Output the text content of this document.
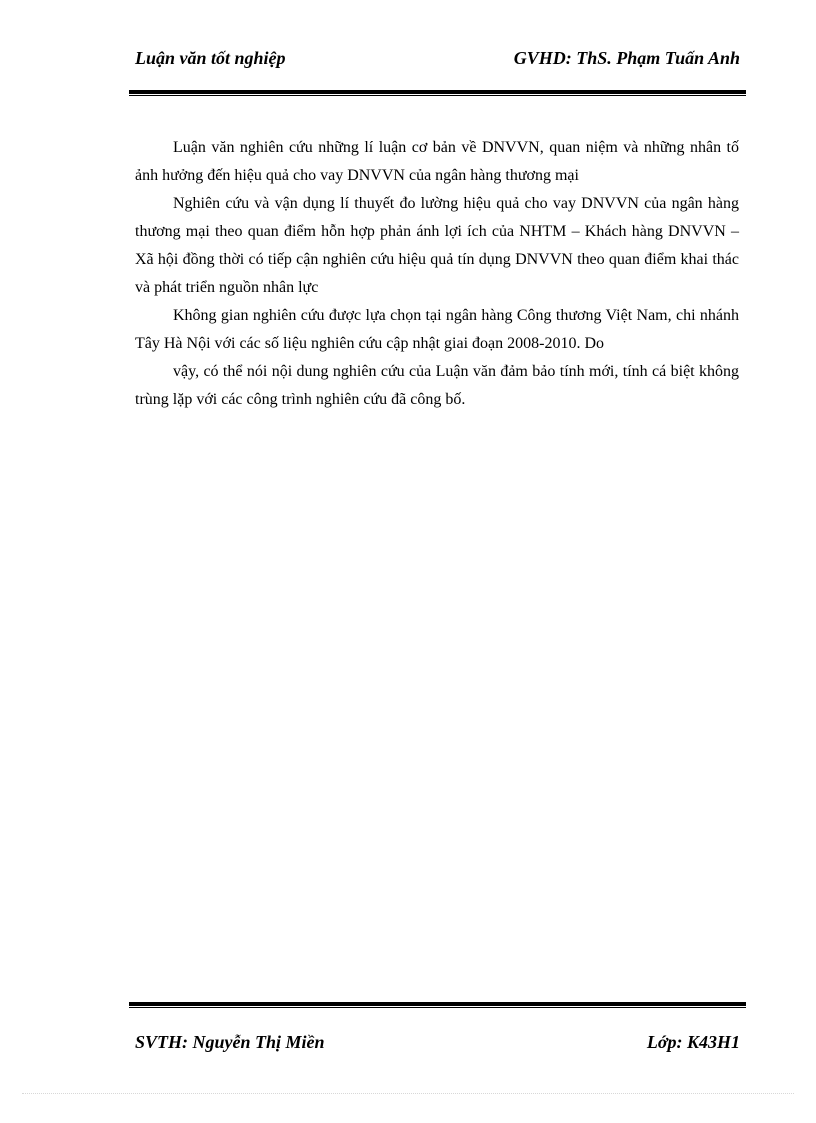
Luận văn tốt nghiệp	GVHD: ThS. Phạm Tuấn Anh

Luận văn nghiên cứu những lí luận cơ bản về DNVVN, quan niệm và những nhân tố ảnh hưởng đến hiệu quả cho vay DNVVN của ngân hàng thương mại

Nghiên cứu và vận dụng lí thuyết đo lường hiệu quả cho vay DNVVN của ngân hàng thương mại theo quan điểm hỗn hợp phản ánh lợi ích của NHTM – Khách hàng DNVVN – Xã hội đồng thời có tiếp cận nghiên cứu hiệu quả tín dụng DNVVN theo quan điểm khai thác và phát triển nguồn nhân lực

Không gian nghiên cứu được lựa chọn tại ngân hàng Công thương Việt Nam, chi nhánh Tây Hà Nội với các số liệu nghiên cứu cập nhật giai đoạn 2008-2010. Do

vậy, có thể nói nội dung nghiên cứu của Luận văn đảm bảo tính mới, tính cá biệt không trùng lặp với các công trình nghiên cứu đã công bố.

SVTH: Nguyễn Thị Miền	Lớp: K43H1
